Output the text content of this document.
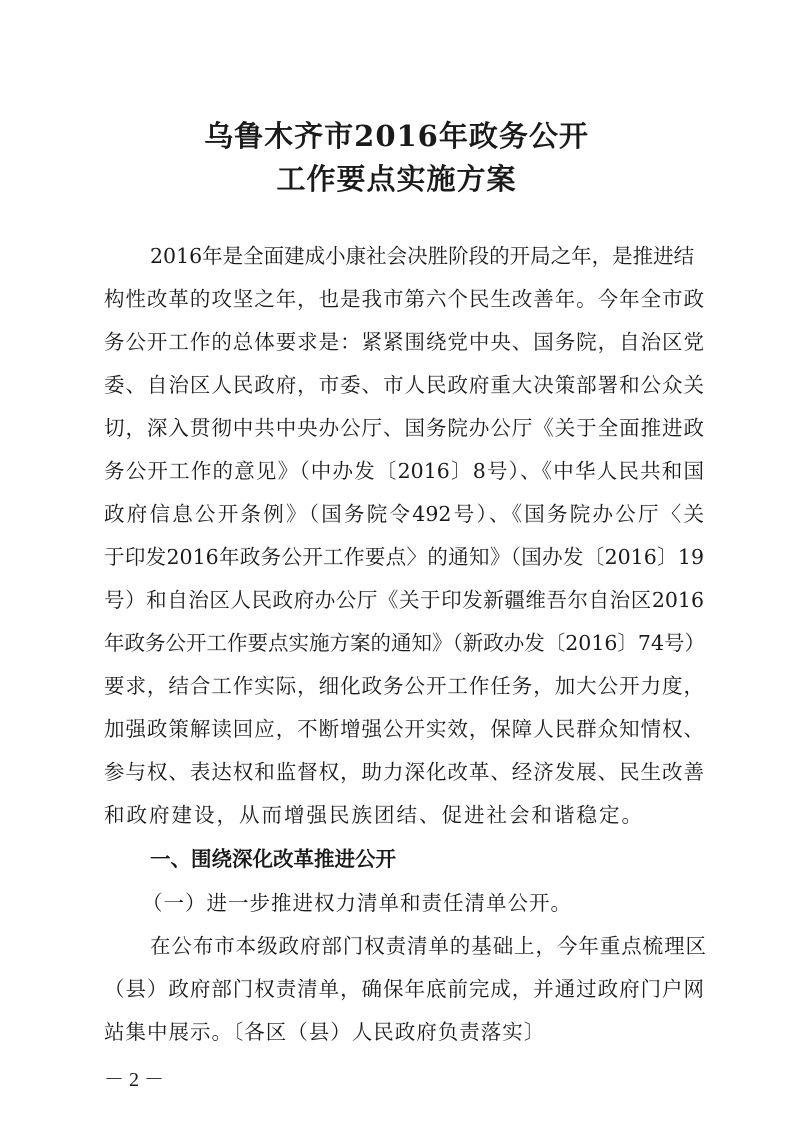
乌鲁木齐市2016年政务公开
工作要点实施方案
2016年是全面建成小康社会决胜阶段的开局之年，是推进结
构性改革的攻坚之年，也是我市第六个民生改善年。今年全市政
务公开工作的总体要求是：紧紧围绕党中央、国务院，自治区党
委、自治区人民政府，市委、市人民政府重大决策部署和公众关
切，深入贯彻中共中央办公厅、国务院办公厅《关于全面推进政
务公开工作的意见》（中办发〔2016〕8号）、《中华人民共和国
政府信息公开条例》（国务院令492号）、《国务院办公厅〈关
于印发2016年政务公开工作要点〉的通知》（国办发〔2016〕19
号）和自治区人民政府办公厅《关于印发新疆维吾尔自治区2016
年政务公开工作要点实施方案的通知》（新政办发〔2016〕74号）
要求，结合工作实际，细化政务公开工作任务，加大公开力度，
加强政策解读回应，不断增强公开实效，保障人民群众知情权、
参与权、表达权和监督权，助力深化改革、经济发展、民生改善
和政府建设，从而增强民族团结、促进社会和谐稳定。
一、围绕深化改革推进公开
（一）进一步推进权力清单和责任清单公开。
在公布市本级政府部门权责清单的基础上，今年重点梳理区
（县）政府部门权责清单，确保年底前完成，并通过政府门户网
站集中展示。〔各区（县）人民政府负责落实〕
－ 2 －
